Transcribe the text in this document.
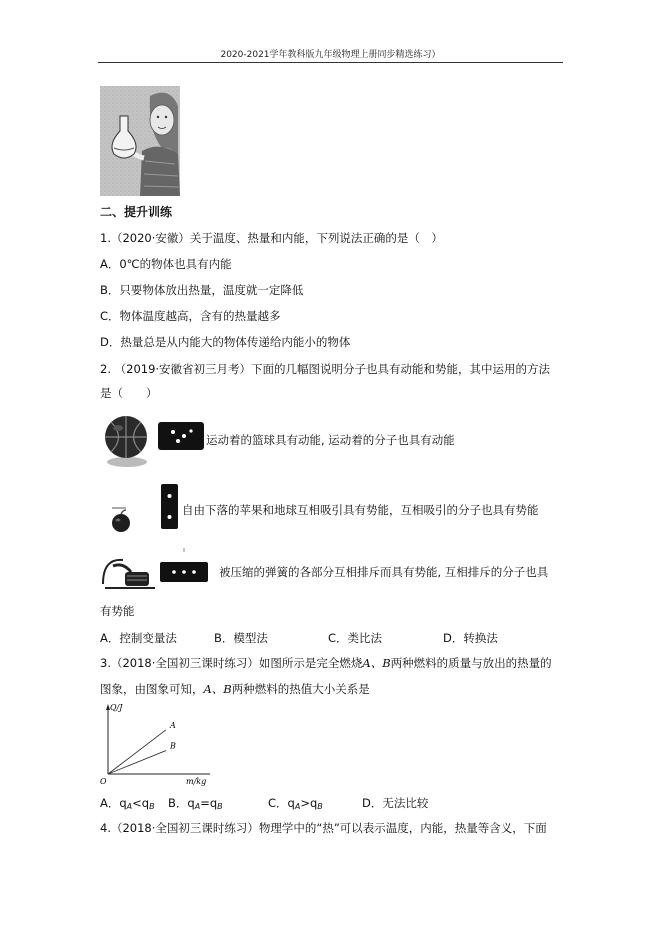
2020-2021学年教科版九年级物理上册同步精选练习）
二、提升训练
1.（2020·安徽）关于温度、热量和内能，下列说法正确的是（　）
A．0℃的物体也具有内能
B．只要物体放出热量，温度就一定降低
C．物体温度越高，含有的热量越多
D．热量总是从内能大的物体传递给内能小的物体
2. （2019·安徽省初三月考）下面的几幅图说明分子也具有动能和势能，其中运用的方法
是（　　）
运动着的篮球具有动能, 运动着的分子也具有动能
自由下落的苹果和地球互相吸引具有势能，互相吸引的分子也具有势能
被压缩的弹簧的各部分互相排斥而具有势能, 互相排斥的分子也具
有势能
A．控制变量法	B．模型法	C．类比法	D．转换法
3.（2018·全国初三课时练习）如图所示是完全燃烧A、B两种燃料的质量与放出的热量的
图象，由图象可知，A、B两种燃料的热值大小关系是
Q/J
m/kg
O
A
B
A．$q_A<q_B$ B．$q_A=q_B$	C．$q_A>q_B$	D．无法比较
4.（2018·全国初三课时练习）物理学中的“热”可以表示温度，内能，热量等含义，下面
